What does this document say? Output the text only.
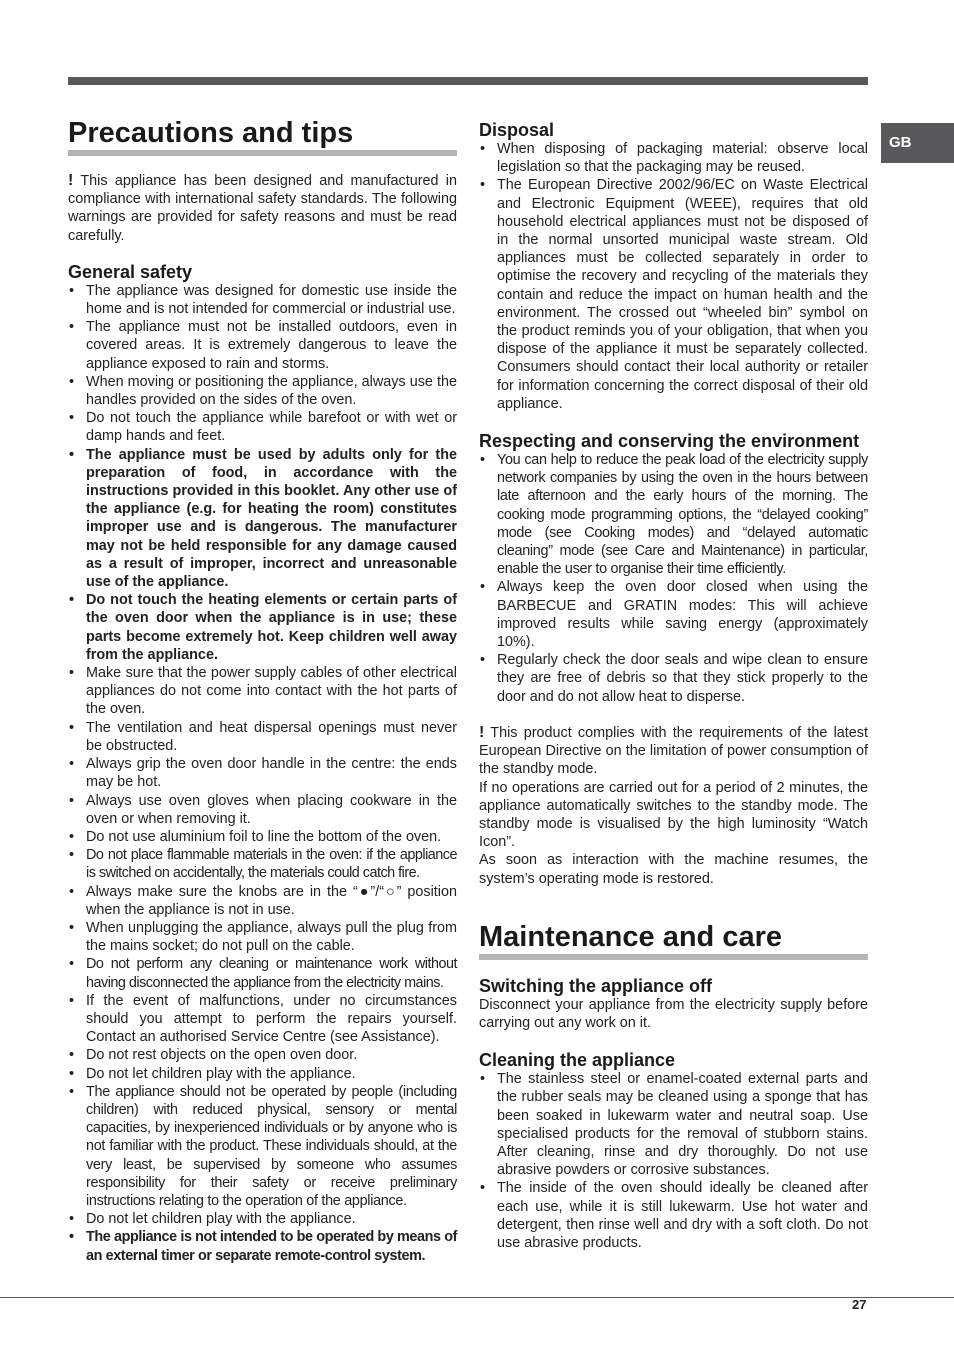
GB
Precautions and tips

! This appliance has been designed and manufactured in compliance with international safety standards. The following warnings are provided for safety reasons and must be read carefully.

General safety
• The appliance was designed for domestic use inside the home and is not intended for commercial or industrial use.
• The appliance must not be installed outdoors, even in covered areas. It is extremely dangerous to leave the appliance exposed to rain and storms.
• When moving or positioning the appliance, always use the handles provided on the sides of the oven.
• Do not touch the appliance while barefoot or with wet or damp hands and feet.
• The appliance must be used by adults only for the preparation of food, in accordance with the instructions provided in this booklet. Any other use of the appliance (e.g. for heating the room) constitutes improper use and is dangerous. The manufacturer may not be held responsible for any damage caused as a result of improper, incorrect and unreasonable use of the appliance.
• Do not touch the heating elements or certain parts of the oven door when the appliance is in use; these parts become extremely hot. Keep children well away from the appliance.
• Make sure that the power supply cables of other electrical appliances do not come into contact with the hot parts of the oven.
• The ventilation and heat dispersal openings must never be obstructed.
• Always grip the oven door handle in the centre: the ends may be hot.
• Always use oven gloves when placing cookware in the oven or when removing it.
• Do not use aluminium foil to line the bottom of the oven.
• Do not place flammable materials in the oven: if the appliance is switched on accidentally, the materials could catch fire.
• Always make sure the knobs are in the “●”/“○” position when the appliance is not in use.
• When unplugging the appliance, always pull the plug from the mains socket; do not pull on the cable.
• Do not perform any cleaning or maintenance work without having disconnected the appliance from the electricity mains.
• If the event of malfunctions, under no circumstances should you attempt to perform the repairs yourself. Contact an authorised Service Centre (see Assistance).
• Do not rest objects on the open oven door.
• Do not let children play with the appliance.
• The appliance should not be operated by people (including children) with reduced physical, sensory or mental capacities, by inexperienced individuals or by anyone who is not familiar with the product. These individuals should, at the very least, be supervised by someone who assumes responsibility for their safety or receive preliminary instructions relating to the operation of the appliance.
• Do not let children play with the appliance.
• The appliance is not intended to be operated by means of an external timer or separate remote-control system.
Disposal
• When disposing of packaging material: observe local legislation so that the packaging may be reused.
• The European Directive 2002/96/EC on Waste Electrical and Electronic Equipment (WEEE), requires that old household electrical appliances must not be disposed of in the normal unsorted municipal waste stream. Old appliances must be collected separately in order to optimise the recovery and recycling of the materials they contain and reduce the impact on human health and the environment. The crossed out “wheeled bin” symbol on the product reminds you of your obligation, that when you dispose of the appliance it must be separately collected. Consumers should contact their local authority or retailer for information concerning the correct disposal of their old appliance.
Respecting and conserving the environment
• You can help to reduce the peak load of the electricity supply network companies by using the oven in the hours between late afternoon and the early hours of the morning. The cooking mode programming options, the “delayed cooking” mode (see Cooking modes) and “delayed automatic cleaning” mode (see Care and Maintenance) in particular, enable the user to organise their time efficiently.
• Always keep the oven door closed when using the BARBECUE and GRATIN modes: This will achieve improved results while saving energy (approximately 10%).
• Regularly check the door seals and wipe clean to ensure they are free of debris so that they stick properly to the door and do not allow heat to disperse.

! This product complies with the requirements of the latest European Directive on the limitation of power consumption of the standby mode.

If no operations are carried out for a period of 2 minutes, the appliance automatically switches to the standby mode. The standby mode is visualised by the high luminosity “Watch Icon”.

As soon as interaction with the machine resumes, the system’s operating mode is restored.

Maintenance and care
Switching the appliance off

Disconnect your appliance from the electricity supply before carrying out any work on it.

Cleaning the appliance
• The stainless steel or enamel-coated external parts and the rubber seals may be cleaned using a sponge that has been soaked in lukewarm water and neutral soap. Use specialised products for the removal of stubborn stains. After cleaning, rinse and dry thoroughly. Do not use abrasive powders or corrosive substances.
• The inside of the oven should ideally be cleaned after each use, while it is still lukewarm. Use hot water and detergent, then rinse well and dry with a soft cloth. Do not use abrasive products.
27
